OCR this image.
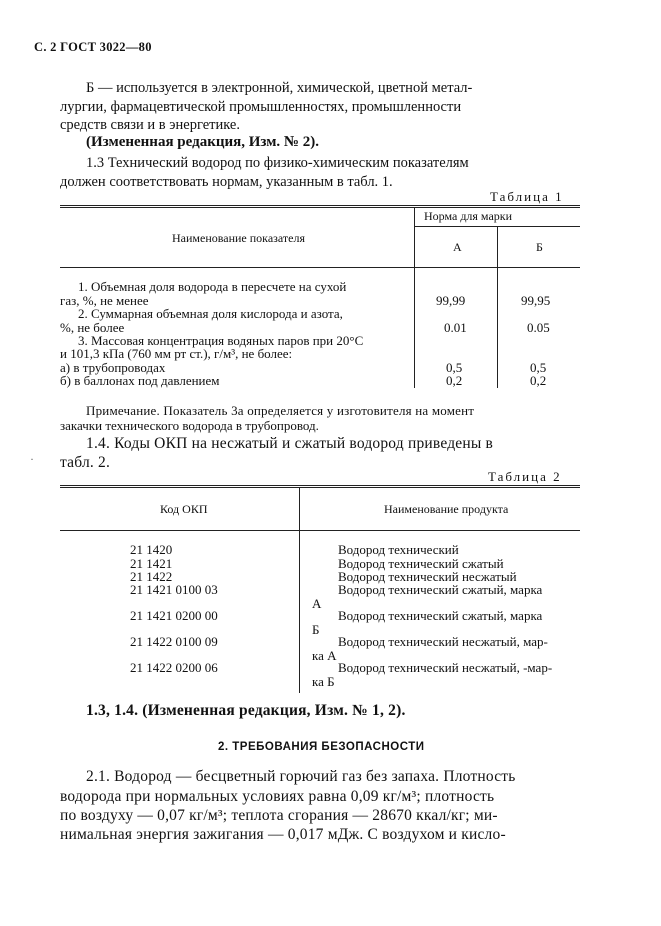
С. 2 ГОСТ 3022—80
Б — используется в электронной, химической, цветной метал-
лургии, фармацевтической промышленностях, промышленности
средств связи и в энергетике.
(Измененная редакция, Изм. № 2).
1.3 Технический водород по физико-химическим показателям
должен соответствовать нормам, указанным в табл. 1.
Таблица 1
Наименование показателя
Норма для марки
А	Б
1. Объемная доля водорода в пересчете на сухой
газ, %, не менее	99,99	99,95
2. Суммарная объемная доля кислорода и азота,
%, не более	0.01	0.05
3. Массовая концентрация водяных паров при 20°С
и 101,3 кПа (760 мм рт ст.), г/м³, не более:
а) в трубопроводах	0,5	0,5
б) в баллонах под давлением	0,2	0,2
Примечание. Показатель 3а определяется у изготовителя на момент
закачки технического водорода в трубопровод.
1.4. Коды ОКП на несжатый и сжатый водород приведены в
табл. 2.
·
Таблица 2
Код ОКП	Наименование продукта
21 1420	Водород технический
21 1421	Водород технический сжатый
21 1422	Водород технический несжатый
21 1421 0100 03	Водород технический сжатый, марка
А
21 1421 0200 00	Водород технический сжатый, марка
Б
21 1422 0100 09	Водород технический несжатый, мар-
ка А
21 1422 0200 06	Водород технический несжатый, -мар-
ка Б
1.3, 1.4. (Измененная редакция, Изм. № 1, 2).
2. ТРЕБОВАНИЯ БЕЗОПАСНОСТИ
2.1. Водород — бесцветный горючий газ без запаха. Плотность
водорода при нормальных условиях равна 0,09 кг/м³; плотность
по воздуху — 0,07 кг/м³; теплота сгорания — 28670 ккал/кг; ми-
нимальная энергия зажигания — 0,017 мДж. С воздухом и кисло-
